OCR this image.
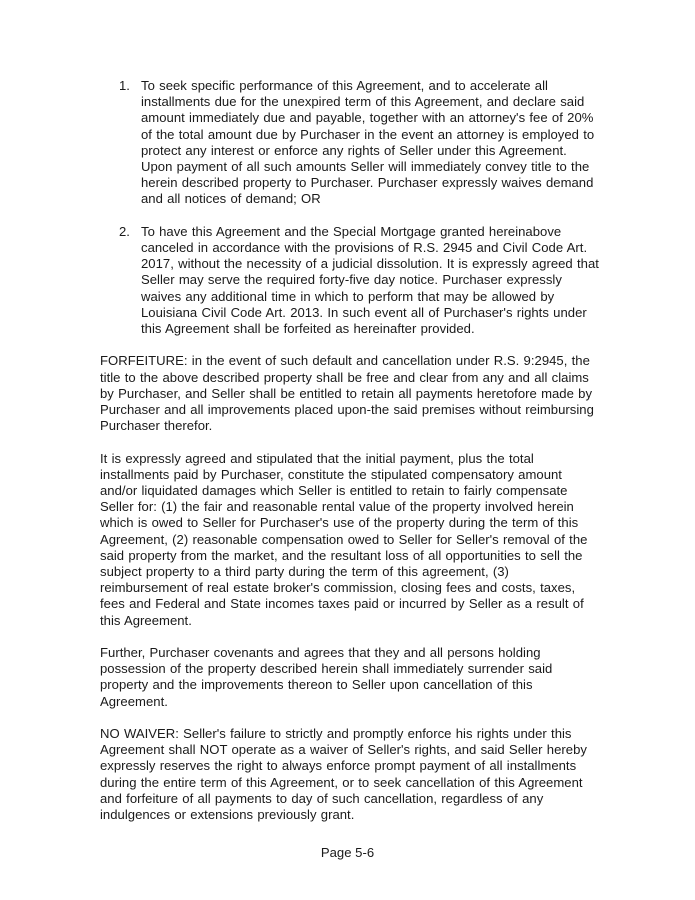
1. To seek specific performance of this Agreement, and to accelerate all installments due for the unexpired term of this Agreement, and declare said amount immediately due and payable, together with an attorney's fee of 20% of the total amount due by Purchaser in the event an attorney is employed to protect any interest or enforce any rights of Seller under this Agreement. Upon payment of all such amounts Seller will immediately convey title to the herein described property to Purchaser. Purchaser expressly waives demand and all notices of demand; OR
2. To have this Agreement and the Special Mortgage granted hereinabove canceled in accordance with the provisions of R.S. 2945 and Civil Code Art. 2017, without the necessity of a judicial dissolution. It is expressly agreed that Seller may serve the required forty-five day notice. Purchaser expressly waives any additional time in which to perform that may be allowed by Louisiana Civil Code Art. 2013. In such event all of Purchaser's rights under this Agreement shall be forfeited as hereinafter provided.

FORFEITURE: in the event of such default and cancellation under R.S. 9:2945, the title to the above described property shall be free and clear from any and all claims by Purchaser, and Seller shall be entitled to retain all payments heretofore made by Purchaser and all improvements placed upon-the said premises without reimbursing Purchaser therefor.

It is expressly agreed and stipulated that the initial payment, plus the total installments paid by Purchaser, constitute the stipulated compensatory amount and/or liquidated damages which Seller is entitled to retain to fairly compensate Seller for: (1) the fair and reasonable rental value of the property involved herein which is owed to Seller for Purchaser's use of the property during the term of this Agreement, (2) reasonable compensation owed to Seller for Seller's removal of the said property from the market, and the resultant loss of all opportunities to sell the subject property to a third party during the term of this agreement, (3) reimbursement of real estate broker's commission, closing fees and costs, taxes, fees and Federal and State incomes taxes paid or incurred by Seller as a result of this Agreement.

Further, Purchaser covenants and agrees that they and all persons holding possession of the property described herein shall immediately surrender said property and the improvements thereon to Seller upon cancellation of this Agreement.

NO WAIVER: Seller's failure to strictly and promptly enforce his rights under this Agreement shall NOT operate as a waiver of Seller's rights, and said Seller hereby expressly reserves the right to always enforce prompt payment of all installments during the entire term of this Agreement, or to seek cancellation of this Agreement and forfeiture of all payments to day of such cancellation, regardless of any indulgences or extensions previously grant.

Page 5-6
